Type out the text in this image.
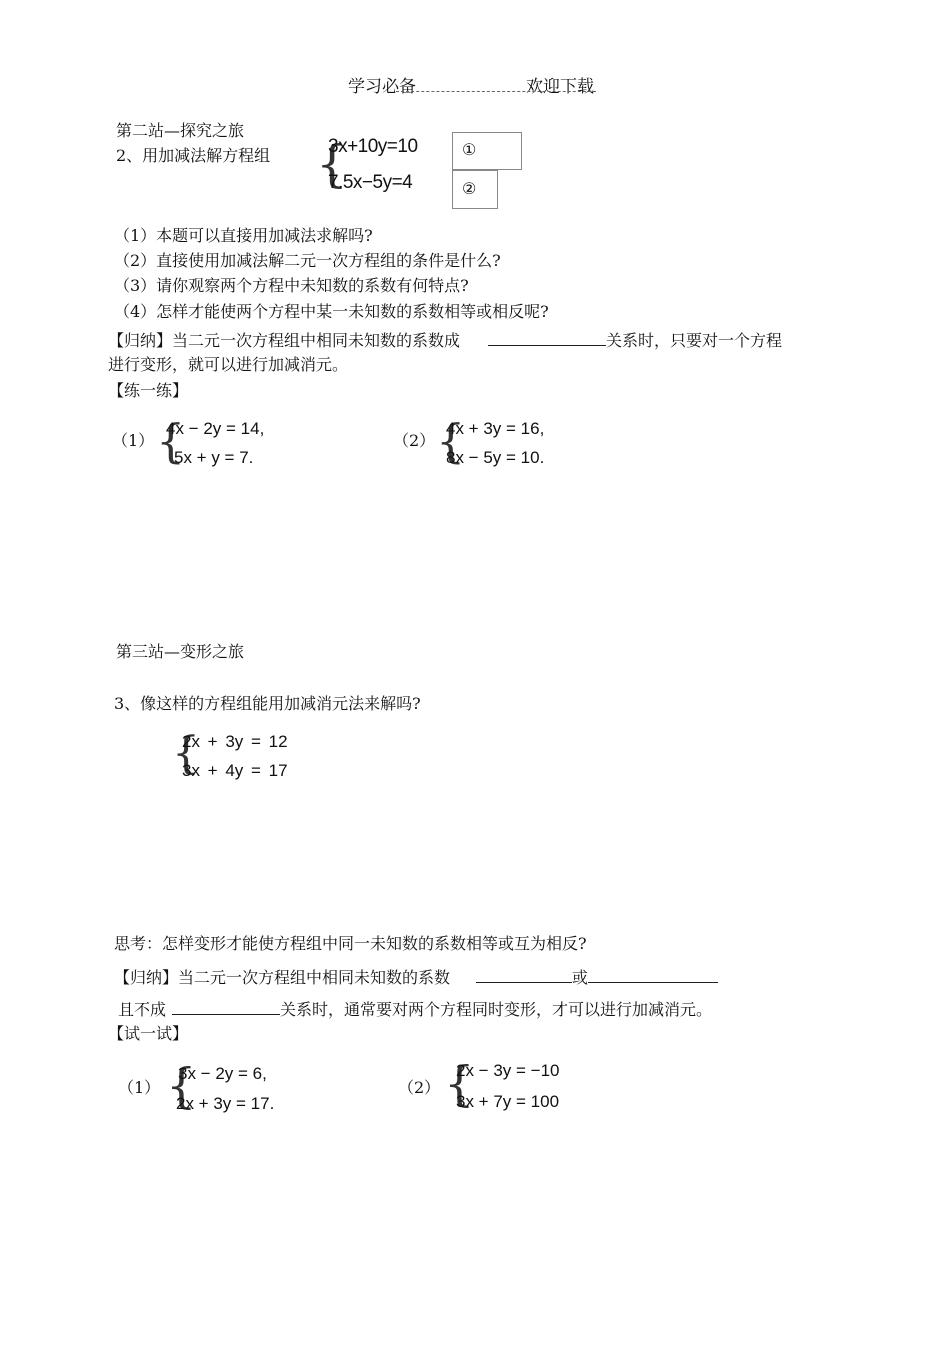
学习必备	欢迎下载
第二站—探究之旅
2、用加减法解方程组 {
3x+10y=10
7.5x−5y=4
①
②
（1）本题可以直接用加减法求解吗?
（2）直接使用加减法解二元一次方程组的条件是什么?
（3）请你观察两个方程中未知数的系数有何特点?
（4）怎样才能使两个方程中某一未知数的系数相等或相反呢?
【归纳】当二元一次方程组中相同未知数的系数成	关系时，只要对一个方程
进行变形，就可以进行加减消元。
【练一练】
（1） {
4x − 2y = 14,
5x + y = 7.
（2） {
4x + 3y = 16,
8x − 5y = 10.
第三站—变形之旅
3、像这样的方程组能用加减消元法来解吗?
{
2x + 3y = 12
3x + 4y = 17
思考：怎样变形才能使方程组中同一未知数的系数相等或互为相反?
【归纳】当二元一次方程组中相同未知数的系数	或
且不成	关系时，通常要对两个方程同时变形，才可以进行加减消元。
【试一试】
（1） {
3x − 2y = 6,
2x + 3y = 17.
（2） {
2x − 3y = −10
3x + 7y = 100
